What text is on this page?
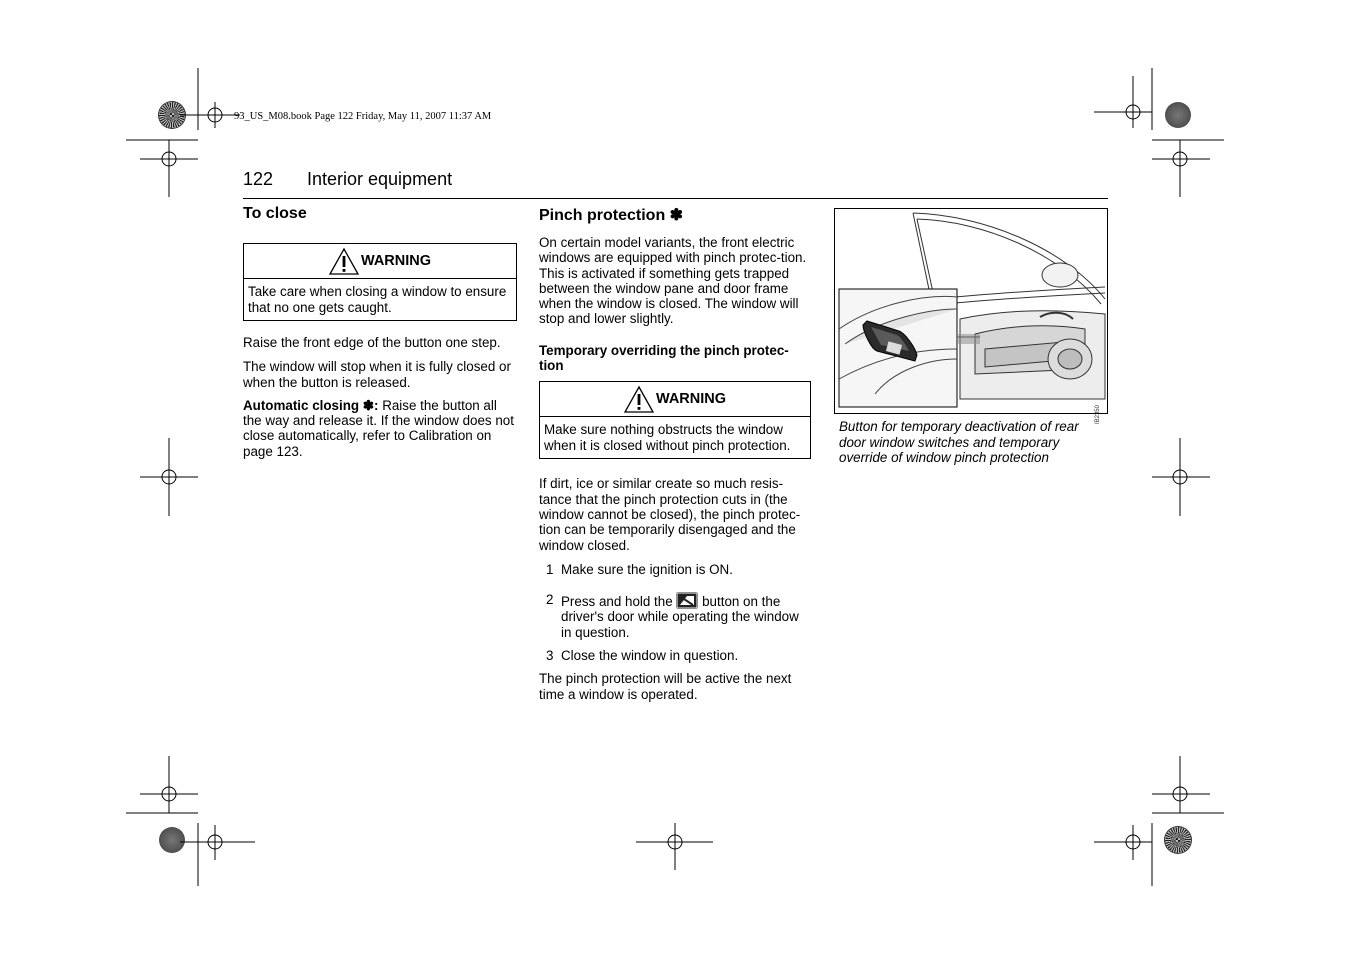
93_US_M08.book Page 122 Friday, May 11, 2007 11:37 AM
122 Interior equipment
To close
WARNING
Take care when closing a window to ensure that no one gets caught.

Raise the front edge of the button one step.

The window will stop when it is fully closed or when the button is released.

Automatic closing ✽: Raise the button all the way and release it. If the window does not close automatically, refer to Calibration on page 123.

Pinch protection ✽

On certain model variants, the front electric windows are equipped with pinch protec-tion. This is activated if something gets trapped between the window pane and door frame when the window is closed. The window will stop and lower slightly.

Temporary overriding the pinch protec-tion

WARNING
Make sure nothing obstructs the window when it is closed without pinch protection.

If dirt, ice or similar create so much resis-tance that the pinch protection cuts in (the window cannot be closed), the pinch protec-tion can be temporarily disengaged and the window closed.

1 Make sure the ignition is ON.
2 Press and hold the
button on the driver's door while operating the window in question.
3 Close the window in question.

The pinch protection will be active the next time a window is operated.

IB2350
Button for temporary deactivation of rear door window switches and temporary override of window pinch protection
